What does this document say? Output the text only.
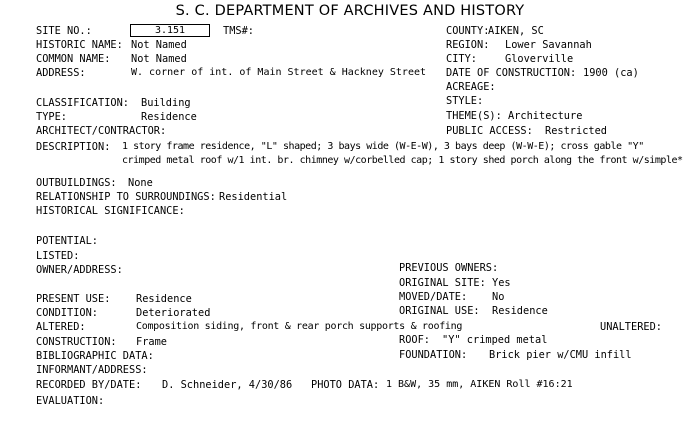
S. C. DEPARTMENT OF ARCHIVES AND HISTORY
SITE NO.:	3.151	TMS#:	COUNTY:
AIKEN, SC
HISTORIC NAME: Not Named	REGION: Lower Savannah
COMMON NAME: Not Named	CITY:	Gloverville
ADDRESS:	W. corner of int. of Main Street & Hackney Street DATE OF CONSTRUCTION: 1900 (ca)
ACREAGE:
CLASSIFICATION: Building	STYLE:
TYPE:	Residence	THEME(S): Architecture
ARCHITECT/CONTRACTOR:	PUBLIC ACCESS: Restricted
DESCRIPTION: 1 story frame residence, "L" shaped; 3 bays wide (W-E-W), 3 bays deep (W-W-E); cross gable "Y"
crimped metal roof w/1 int. br. chimney w/corbelled cap; 1 story shed porch along the front w/simple*
OUTBUILDINGS: None
RELATIONSHIP TO SURROUNDINGS: Residential
HISTORICAL SIGNIFICANCE:
POTENTIAL:
LISTED:
OWNER/ADDRESS:	PREVIOUS OWNERS:
ORIGINAL SITE: Yes
PRESENT USE: Residence	MOVED/DATE: No
CONDITION:	Deteriorated	ORIGINAL USE: Residence
ALTERED:	Composition siding, front & rear porch supports & roofing	UNALTERED:
CONSTRUCTION: Frame	ROOF: "Y" crimped metal
BIBLIOGRAPHIC DATA:	FOUNDATION: Brick pier w/CMU infill
INFORMANT/ADDRESS:
RECORDED BY/DATE: D. Schneider, 4/30/86 PHOTO DATA: 1 B&W, 35 mm, AIKEN Roll #16:21
EVALUATION:
